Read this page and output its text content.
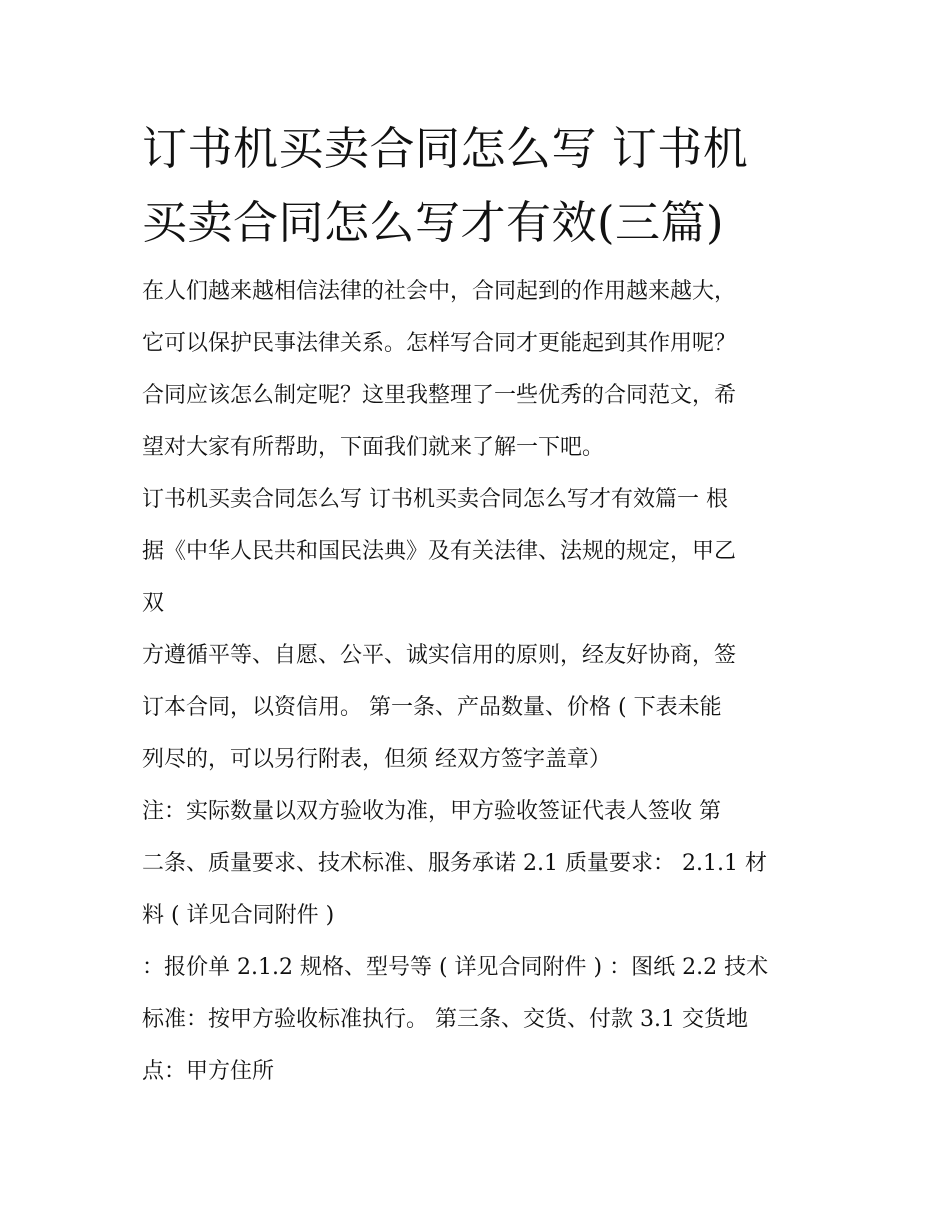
订书机买卖合同怎么写 订书机
买卖合同怎么写才有效(三篇)

在人们越来越相信法律的社会中，合同起到的作用越来越大，
它可以保护民事法律关系。怎样写合同才更能起到其作用呢？
合同应该怎么制定呢？这里我整理了一些优秀的合同范文，希
望对大家有所帮助，下面我们就来了解一下吧。

订书机买卖合同怎么写 订书机买卖合同怎么写才有效篇一 根
据《中华人民共和国民法典》及有关法律、法规的规定，甲乙
双

方遵循平等、自愿、公平、诚实信用的原则，经友好协商，签
订本合同，以资信用。 第一条、产品数量、价格 ( 下表未能
列尽的，可以另行附表，但须 经双方签字盖章）

注：实际数量以双方验收为准，甲方验收签证代表人签收 第
二条、质量要求、技术标准、服务承诺 2.1 质量要求： 2.1.1 材
料 ( 详见合同附件 )

：报价单 2.1.2 规格、型号等 ( 详见合同附件 ) ：图纸 2.2 技术
标准：按甲方验收标准执行。 第三条、交货、付款 3.1 交货地
点：甲方住所
